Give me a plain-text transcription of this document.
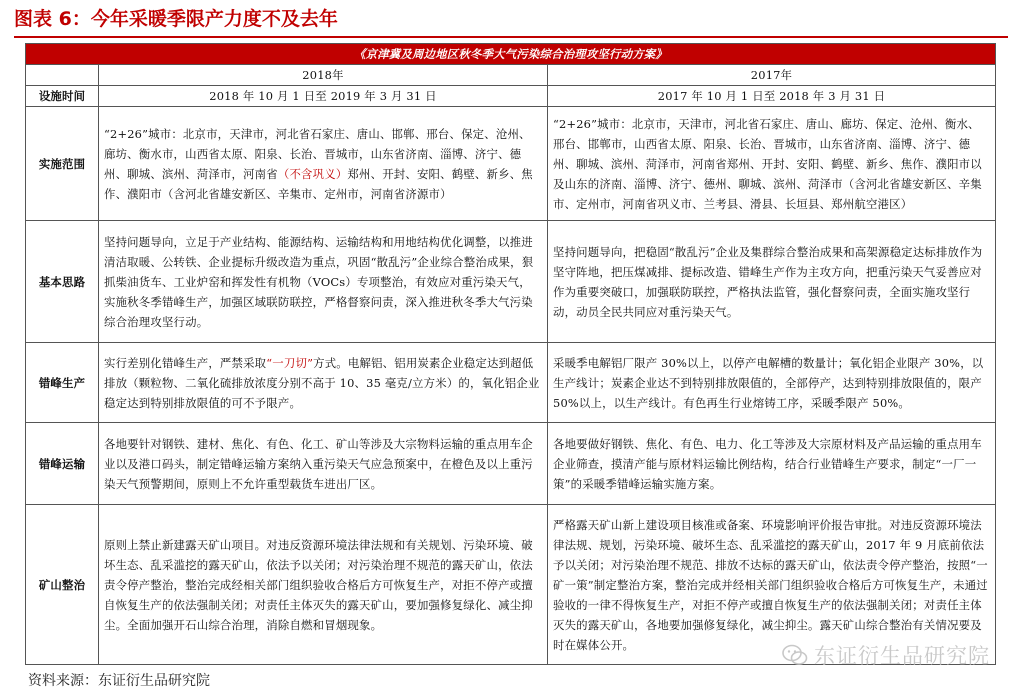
图表 6：今年采暖季限产力度不及去年
《京津冀及周边地区秋冬季大气污染综合治理攻坚行动方案》		
	2018年	2017年
设施时间	2018 年 10 月 1 日至 2019 年 3 月 31 日	2017 年 10 月 1 日至 2018 年 3 月 31 日
实施范围	“2+26”城市：北京市，天津市，河北省石家庄、唐山、邯郸、邢台、保定、沧州、廊坊、衡水市，山西省太原、阳泉、长治、晋城市，山东省济南、淄博、济宁、德州、聊城、滨州、菏泽市，河南省（不含巩义）郑州、开封、安阳、鹤壁、新乡、焦作、濮阳市（含河北省雄安新区、辛集市、定州市，河南省济源市）	“2+26”城市：北京市，天津市，河北省石家庄、唐山、廊坊、保定、沧州、衡水、邢台、邯郸市，山西省太原、阳泉、长治、晋城市，山东省济南、淄博、济宁、德州、聊城、滨州、菏泽市，河南省郑州、开封、安阳、鹤壁、新乡、焦作、濮阳市以及山东的济南、淄博、济宁、德州、聊城、滨州、菏泽市（含河北省雄安新区、辛集市、定州市，河南省巩义市、兰考县、滑县、长垣县、郑州航空港区）
基本思路	坚持问题导向，立足于产业结构、能源结构、运输结构和用地结构优化调整，以推进清洁取暖、公转铁、企业提标升级改造为重点，巩固“散乱污”企业综合整治成果，狠抓柴油货车、工业炉窑和挥发性有机物（VOCs）专项整治，有效应对重污染天气，实施秋冬季错峰生产，加强区域联防联控，严格督察问责，深入推进秋冬季大气污染综合治理攻坚行动。	坚持问题导向，把稳固“散乱污”企业及集群综合整治成果和高架源稳定达标排放作为坚守阵地，把压煤减排、提标改造、错峰生产作为主攻方向，把重污染天气妥善应对作为重要突破口，加强联防联控，严格执法监管，强化督察问责，全面实施攻坚行动，动员全民共同应对重污染天气。
错峰生产	实行差别化错峰生产，严禁采取“一刀切”方式。电解铝、铝用炭素企业稳定达到超低排放（颗粒物、二氧化硫排放浓度分别不高于 10、35 毫克/立方米）的，氧化铝企业稳定达到特别排放限值的可不予限产。	采暖季电解铝厂限产 30%以上，以停产电解槽的数量计；氧化铝企业限产 30%，以生产线计；炭素企业达不到特别排放限值的，全部停产，达到特别排放限值的，限产50%以上，以生产线计。有色再生行业熔铸工序，采暖季限产 50%。
错峰运输	各地要针对钢铁、建材、焦化、有色、化工、矿山等涉及大宗物料运输的重点用车企业以及港口码头，制定错峰运输方案纳入重污染天气应急预案中，在橙色及以上重污染天气预警期间，原则上不允许重型载货车进出厂区。	各地要做好钢铁、焦化、有色、电力、化工等涉及大宗原材料及产品运输的重点用车企业筛查，摸清产能与原材料运输比例结构，结合行业错峰生产要求，制定“一厂一策”的采暖季错峰运输实施方案。
矿山整治	原则上禁止新建露天矿山项目。对违反资源环境法律法规和有关规划、污染环境、破坏生态、乱采滥挖的露天矿山，依法予以关闭；对污染治理不规范的露天矿山，依法责令停产整治，整治完成经相关部门组织验收合格后方可恢复生产，对拒不停产或擅自恢复生产的依法强制关闭；对责任主体灭失的露天矿山，要加强修复绿化、减尘抑尘。全面加强开石山综合治理，消除自燃和冒烟现象。	严格露天矿山新上建设项目核准或备案、环境影响评价报告审批。对违反资源环境法律法规、规划，污染环境、破坏生态、乱采滥挖的露天矿山，2017 年 9 月底前依法予以关闭；对污染治理不规范、排放不达标的露天矿山，依法责令停产整治，按照“一矿一策”制定整治方案，整治完成并经相关部门组织验收合格后方可恢复生产，未通过验收的一律不得恢复生产，对拒不停产或擅自恢复生产的依法强制关闭；对责任主体灭失的露天矿山，各地要加强修复绿化，减尘抑尘。露天矿山综合整治有关情况要及时在媒体公开。
资料来源：东证衍生品研究院
东证衍生品研究院
